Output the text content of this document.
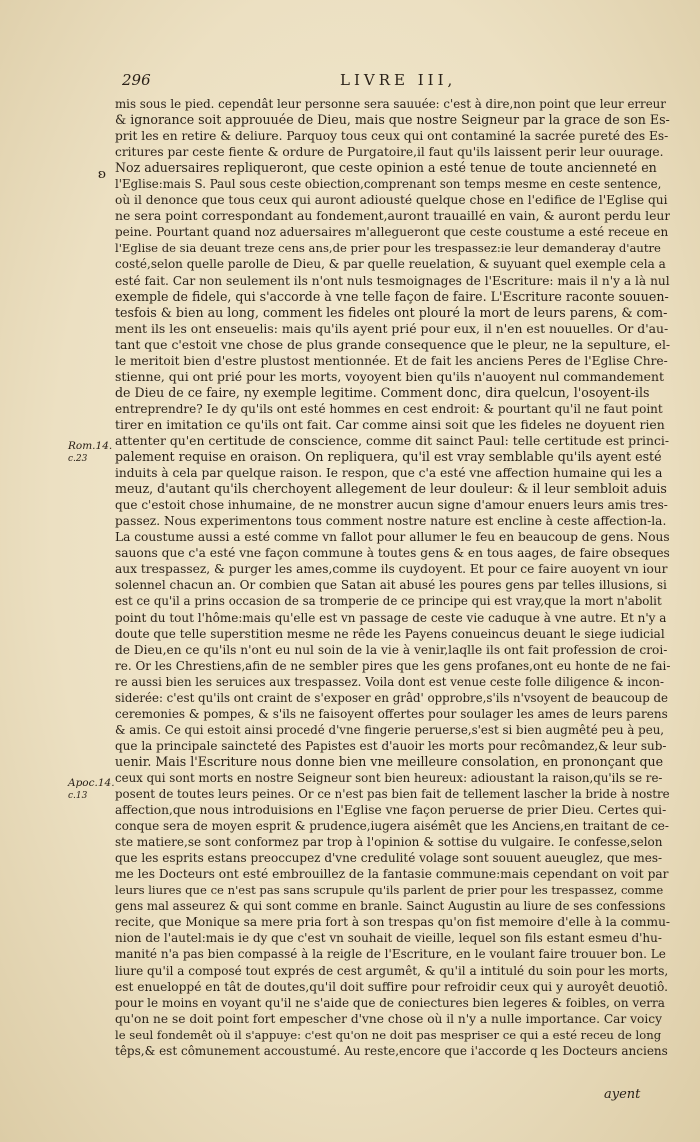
296	LIVRE III,
ʚ
mis sous le pied. cependât leur personne sera sauuée: c'est à dire,non point que leur erreur
& ignorance soit approuuée de Dieu, mais que nostre Seigneur par la grace de son Es-
prit les en retire & deliure. Parquoy tous ceux qui ont contaminé la sacrée pureté des Es-
critures par ceste fiente & ordure de Purgatoire,il faut qu'ils laissent perir leur ouurage.
Noz aduersaires repliqueront, que ceste opinion a esté tenue de toute ancienneté en
l'Eglise:mais S. Paul sous ceste obiection,comprenant son temps mesme en ceste sentence,
où il denonce que tous ceux qui auront adiousté quelque chose en l'edifice de l'Eglise qui
ne sera point correspondant au fondement,auront trauaillé en vain, & auront perdu leur
peine. Pourtant quand noz aduersaires m'allegueront que ceste coustume a esté receue en
l'Eglise de sia deuant treze cens ans,de prier pour les trespassez:ie leur demanderay d'autre
costé,selon quelle parolle de Dieu, & par quelle reuelation, & suyuant quel exemple cela a
esté fait. Car non seulement ils n'ont nuls tesmoignages de l'Escriture: mais il n'y a là nul
exemple de fidele, qui s'accorde à vne telle façon de faire. L'Escriture raconte souuen-
tesfois & bien au long, comment les fideles ont plouré la mort de leurs parens, & com-
ment ils les ont enseuelis: mais qu'ils ayent prié pour eux, il n'en est nouuelles. Or d'au-
tant que c'estoit vne chose de plus grande consequence que le pleur, ne la sepulture, el-
le meritoit bien d'estre plustost mentionnée. Et de fait les anciens Peres de l'Eglise Chre-
stienne, qui ont prié pour les morts, voyoyent bien qu'ils n'auoyent nul commandement
de Dieu de ce faire, ny exemple legitime. Comment donc, dira quelcun, l'osoyent-ils
entreprendre? Ie dy qu'ils ont esté hommes en cest endroit: & pourtant qu'il ne faut point
tirer en imitation ce qu'ils ont fait. Car comme ainsi soit que les fideles ne doyuent rien
attenter qu'en certitude de conscience, comme dit sainct Paul: telle certitude est princi-
palement requise en oraison. On repliquera, qu'il est vray semblable qu'ils ayent esté
induits à cela par quelque raison. Ie respon, que c'a esté vne affection humaine qui les a
meuz, d'autant qu'ils cherchoyent allegement de leur douleur: & il leur sembloit aduis
que c'estoit chose inhumaine, de ne monstrer aucun signe d'amour enuers leurs amis tres-
passez. Nous experimentons tous comment nostre nature est encline à ceste affection-la.
La coustume aussi a esté comme vn fallot pour allumer le feu en beaucoup de gens. Nous
sauons que c'a esté vne façon commune à toutes gens & en tous aages, de faire obseques
aux trespassez, & purger les ames,comme ils cuydoyent. Et pour ce faire auoyent vn iour
solennel chacun an. Or combien que Satan ait abusé les poures gens par telles illusions, si
est ce qu'il a prins occasion de sa tromperie de ce principe qui est vray,que la mort n'abolit
point du tout l'hôme:mais qu'elle est vn passage de ceste vie caduque à vne autre. Et n'y a
doute que telle superstition mesme ne rêde les Payens conueincus deuant le siege iudicial
de Dieu,en ce qu'ils n'ont eu nul soin de la vie à venir,laqlle ils ont fait profession de croi-
re. Or les Chrestiens,afin de ne sembler pires que les gens profanes,ont eu honte de ne fai-
re aussi bien les seruices aux trespassez. Voila dont est venue ceste folle diligence & incon-
siderée: c'est qu'ils ont craint de s'exposer en grâd' opprobre,s'ils n'vsoyent de beaucoup de
ceremonies & pompes, & s'ils ne faisoyent offertes pour soulager les ames de leurs parens
& amis. Ce qui estoit ainsi procedé d'vne fingerie peruerse,s'est si bien augmêté peu à peu,
que la principale saincteté des Papistes est d'auoir les morts pour recômandez,& leur sub-
uenir. Mais l'Escriture nous donne bien vne meilleure consolation, en prononçant que
ceux qui sont morts en nostre Seigneur sont bien heureux: adioustant la raison,qu'ils se re-
posent de toutes leurs peines. Or ce n'est pas bien fait de tellement lascher la bride à nostre
affection,que nous introduisions en l'Eglise vne façon peruerse de prier Dieu. Certes qui-
conque sera de moyen esprit & prudence,iugera aisémêt que les Anciens,en traitant de ce-
ste matiere,se sont conformez par trop à l'opinion & sottise du vulgaire. Ie confesse,selon
que les esprits estans preoccupez d'vne credulité volage sont souuent aueuglez, que mes-
me les Docteurs ont esté embrouillez de la fantasie commune:mais cependant on voit par
leurs liures que ce n'est pas sans scrupule qu'ils parlent de prier pour les trespassez, comme
gens mal asseurez & qui sont comme en branle. Sainct Augustin au liure de ses confessions
recite, que Monique sa mere pria fort à son trespas qu'on fist memoire d'elle à la commu-
nion de l'autel:mais ie dy que c'est vn souhait de vieille, lequel son fils estant esmeu d'hu-
manité n'a pas bien compassé à la reigle de l'Escriture, en le voulant faire trouuer bon. Le
liure qu'il a composé tout exprés de cest argumêt, & qu'il a intitulé du soin pour les morts,
est enueloppé en tât de doutes,qu'il doit suffire pour refroidir ceux qui y auroyêt deuotiô.
pour le moins en voyant qu'il ne s'aide que de coniectures bien legeres & foibles, on verra
qu'on ne se doit point fort empescher d'vne chose où il n'y a nulle importance. Car voicy
le seul fondemêt où il s'appuye: c'est qu'on ne doit pas mespriser ce qui a esté receu de long
têps,& est cômunement accoustumé. Au reste,encore que i'accorde q les Docteurs anciens
Rom.14.
c.23
Apoc.14.
c.13
ayent
